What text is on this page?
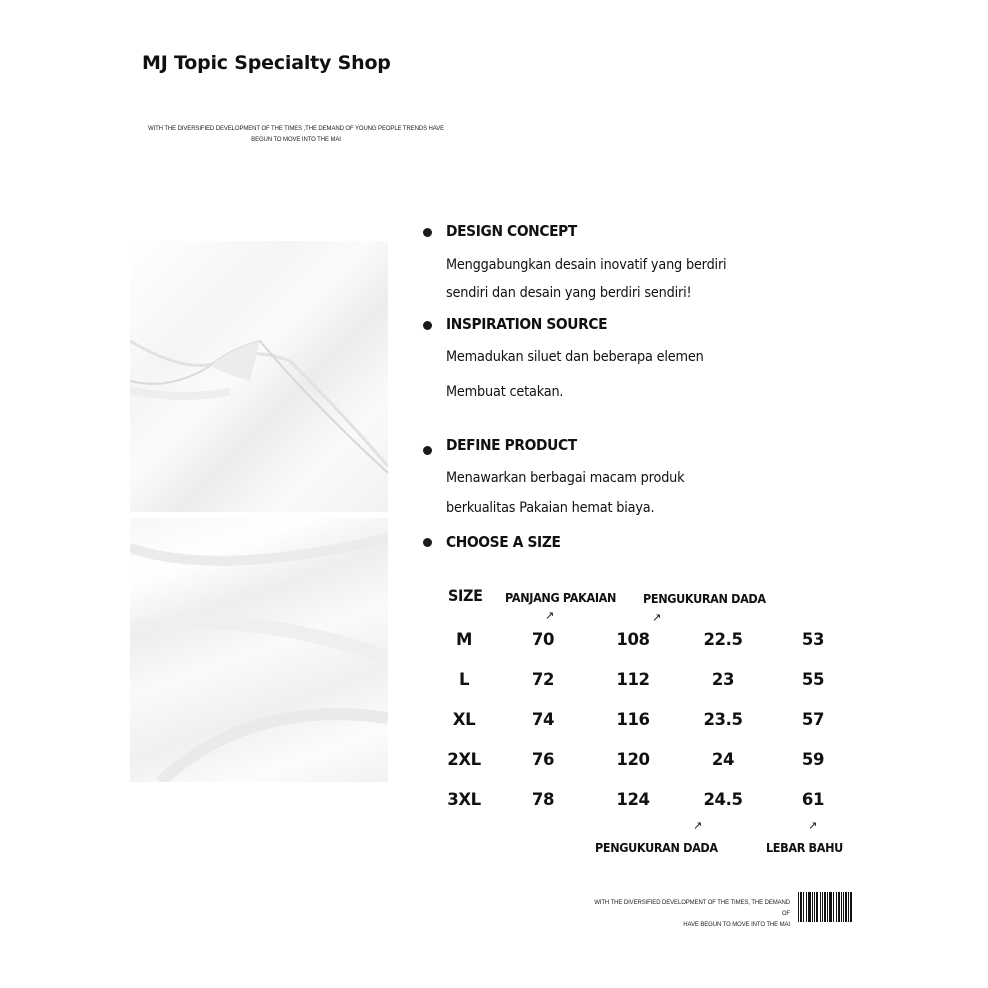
MJ Topic Specialty Shop
WITH THE DIVERSIFIED DEVELOPMENT OF THE TIMES ,THE DEMAND OF YOUNG PEOPLE TRENDS HAVE
BEGUN TO MOVE INTO THE MAI
DESIGN CONCEPT
Menggabungkan desain inovatif yang berdiri
sendiri dan desain yang berdiri sendiri!
INSPIRATION SOURCE
Memadukan siluet dan beberapa elemen
Membuat cetakan.
DEFINE PRODUCT
Menawarkan berbagai macam produk
berkualitas Pakaian hemat biaya.
CHOOSE A SIZE
SIZE PANJANG PAKAIAN
↗
PENGUKURAN DADA
↗
M	70	108	22.5	53
L	72	112	23	55
XL	74	116	23.5	57
2XL	76	120	24	59
3XL	78	124	24.5	61
↗
PENGUKURAN DADA
↗
LEBAR BAHU
WITH THE DIVERSIFIED DEVELOPMENT OF THE TIMES, THE DEMAND OF
HAVE BEGUN TO MOVE INTO THE MAI
